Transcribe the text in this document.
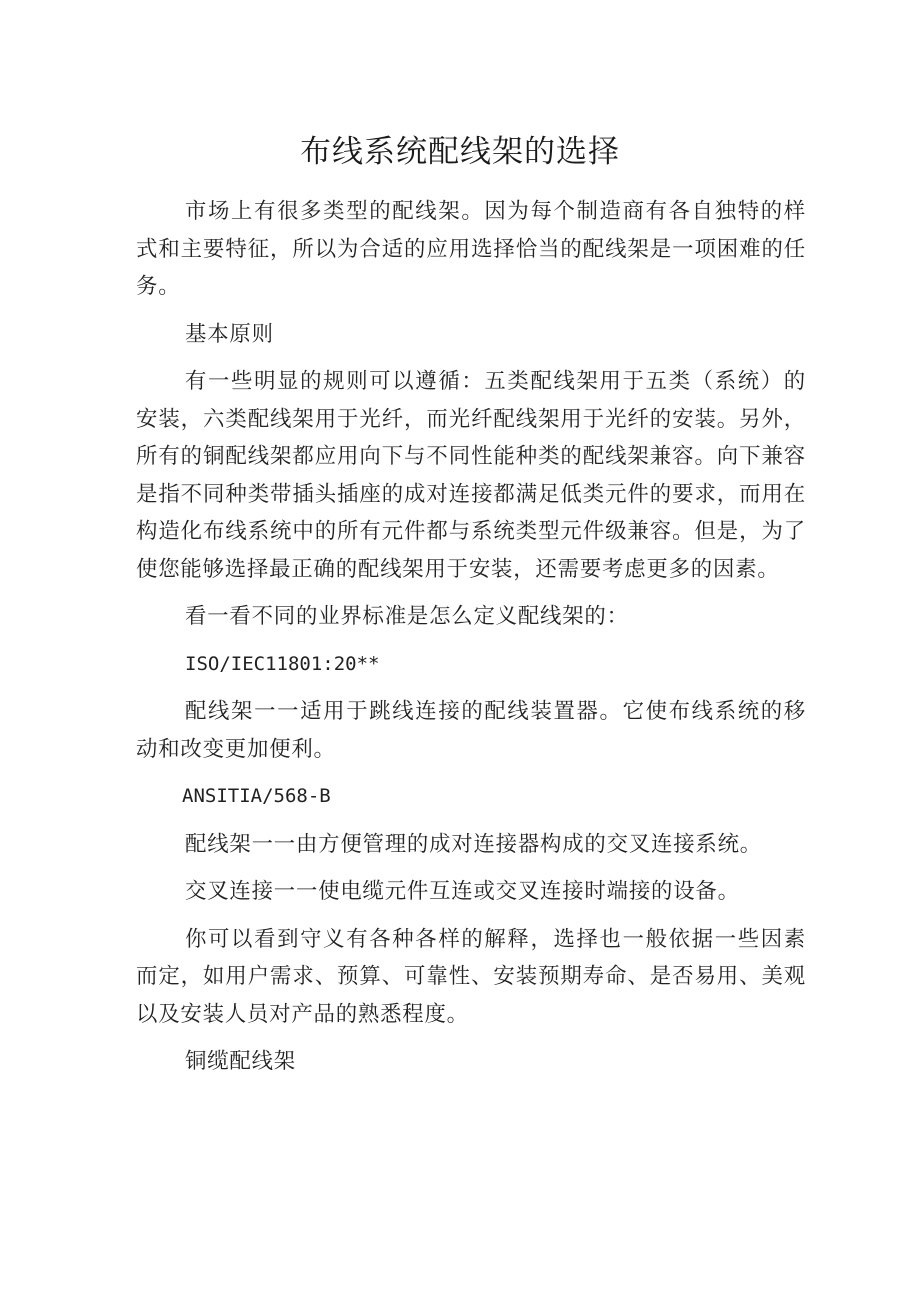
布线系统配线架的选择

市场上有很多类型的配线架。因为每个制造商有各自独特的样式和主要特征，所以为合适的应用选择恰当的配线架是一项困难的任务。

基本原则

有一些明显的规则可以遵循：五类配线架用于五类（系统）的安装，六类配线架用于光纤，而光纤配线架用于光纤的安装。另外，所有的铜配线架都应用向下与不同性能种类的配线架兼容。向下兼容是指不同种类带插头插座的成对连接都满足低类元件的要求，而用在构造化布线系统中的所有元件都与系统类型元件级兼容。但是，为了使您能够选择最正确的配线架用于安装，还需要考虑更多的因素。

看一看不同的业界标准是怎么定义配线架的：

ISO/IEC11801:20**

配线架一一适用于跳线连接的配线装置器。它使布线系统的移动和改变更加便利。

ANSITIA/568-B

配线架一一由方便管理的成对连接器构成的交叉连接系统。

交叉连接一一使电缆元件互连或交叉连接时端接的设备。

你可以看到守义有各种各样的解释，选择也一般依据一些因素而定，如用户需求、预算、可靠性、安装预期寿命、是否易用、美观以及安装人员对产品的熟悉程度。

铜缆配线架
